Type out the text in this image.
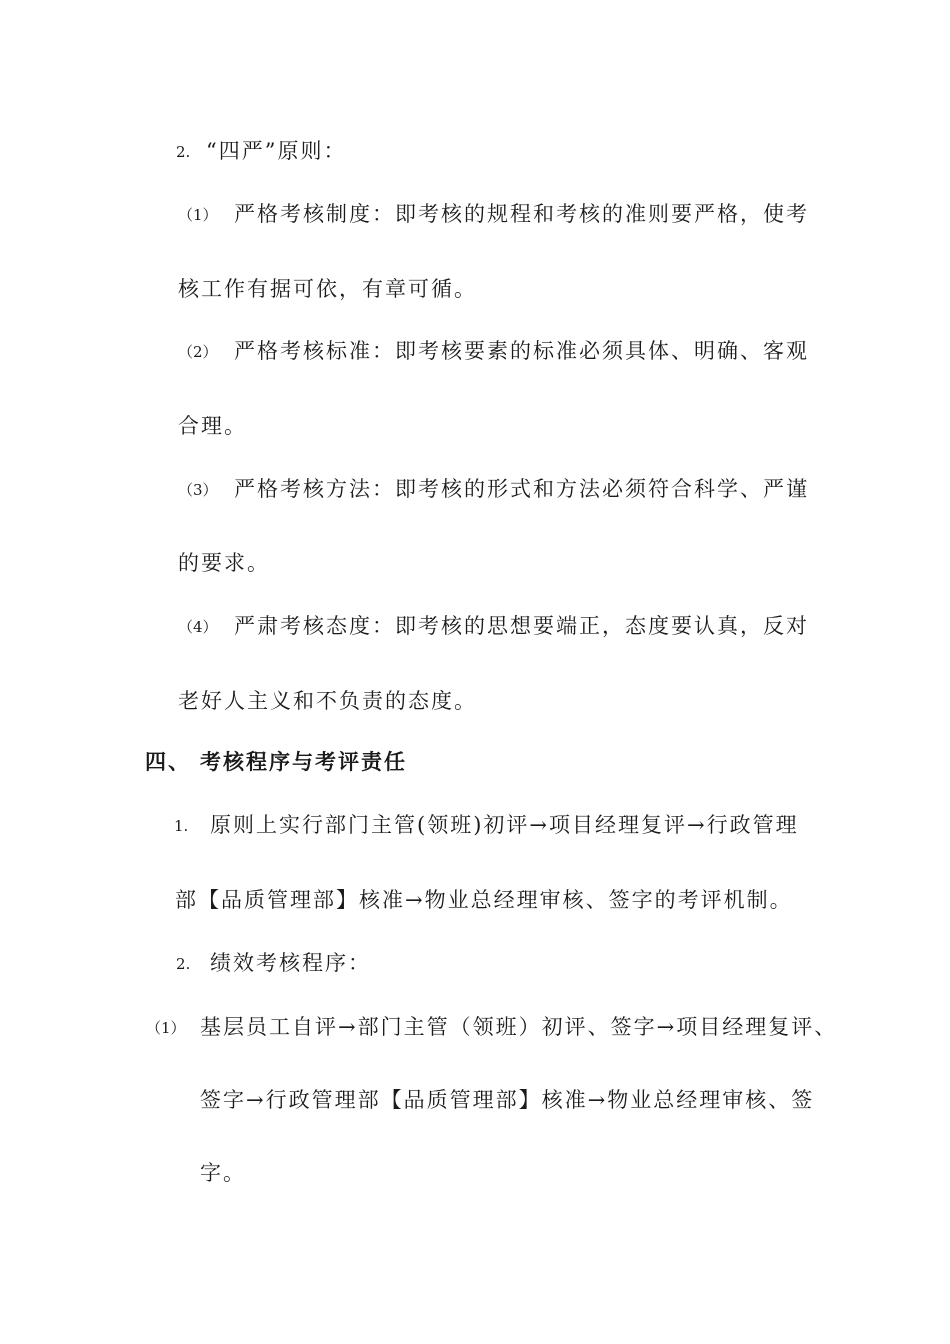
2. “四严”原则：
（1） 严格考核制度：即考核的规程和考核的准则要严格，使考
核工作有据可依，有章可循。
（2） 严格考核标准：即考核要素的标准必须具体、明确、客观
合理。
（3） 严格考核方法：即考核的形式和方法必须符合科学、严谨
的要求。
（4） 严肃考核态度：即考核的思想要端正，态度要认真，反对
老好人主义和不负责的态度。
四、 考核程序与考评责任
1. 原则上实行部门主管(领班)初评→项目经理复评→行政管理
部【品质管理部】核准→物业总经理审核、签字的考评机制。
2. 绩效考核程序：
（1） 基层员工自评→部门主管（领班）初评、签字→项目经理复评、
签字→行政管理部【品质管理部】核准→物业总经理审核、签
字。
